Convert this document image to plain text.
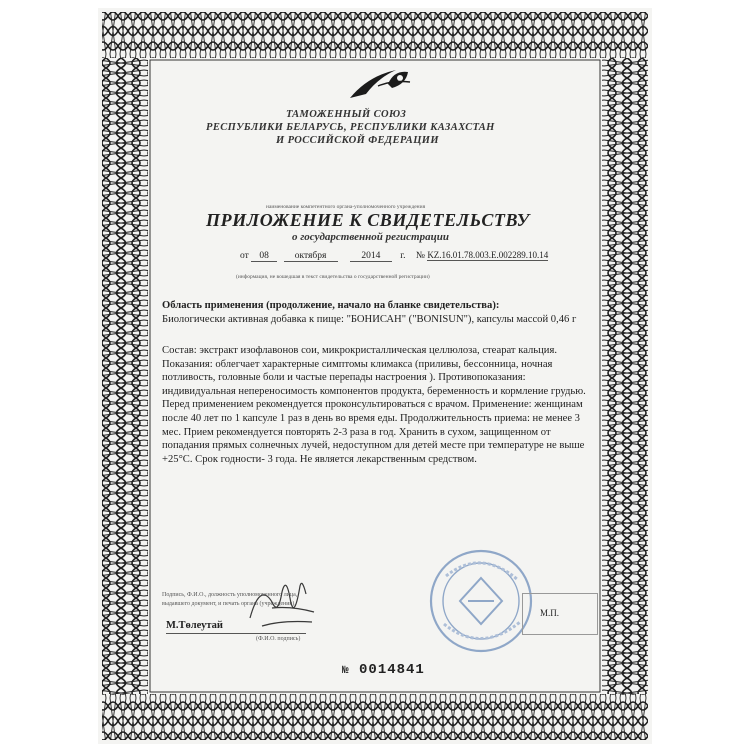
ТАМОЖЕННЫЙ СОЮЗ
РЕСПУБЛИКИ БЕЛАРУСЬ, РЕСПУБЛИКИ КАЗАХСТАН
И РОССИЙСКОЙ ФЕДЕРАЦИИ
наименование компетентного органа-уполномоченного учреждения
ПРИЛОЖЕНИЕ К СВИДЕТЕЛЬСТВУ
о государственной регистрации
от 08	октября	2014 г. № KZ.16.01.78.003.Е.002289.10.14
(информация, не вошедшая в текст свидетельства о государственной регистрации)
Область применения (продолжение, начало на бланке свидетельства):
Биологически активная добавка к пище: "БОНИСАН" ("BONISUN"), капсулы массой 0,46 г
Состав: экстракт изофлавонов сои, микрокристаллическая целлюлоза, стеарат кальция. Показания: облегчает характерные симптомы климакса (приливы, бессонница, ночная потливость, головные боли и частые перепады настроения ). Противопоказания: индивидуальная непереносимость компонентов продукта, беременность и кормление грудью. Перед применением рекомендуется проконсультироваться с врачом. Применение: женщинам после 40 лет по 1 капсуле 1 раз в день во время еды. Продолжительность приема: не менее 3 мес. Прием рекомендуется повторять 2-3 раза в год. Хранить в сухом, защищенном от попадания прямых солнечных лучей, недоступном для детей месте при температуре не выше +25°С. Срок годности- 3 года. Не является лекарственным средством.
М.П.
Подпись, Ф.И.О., должность уполномоченного лица,
выдавшего документ, и печать органа (учреждения),
М.Төлеутай
(Ф.И.О. подпись)
№ 0014841
